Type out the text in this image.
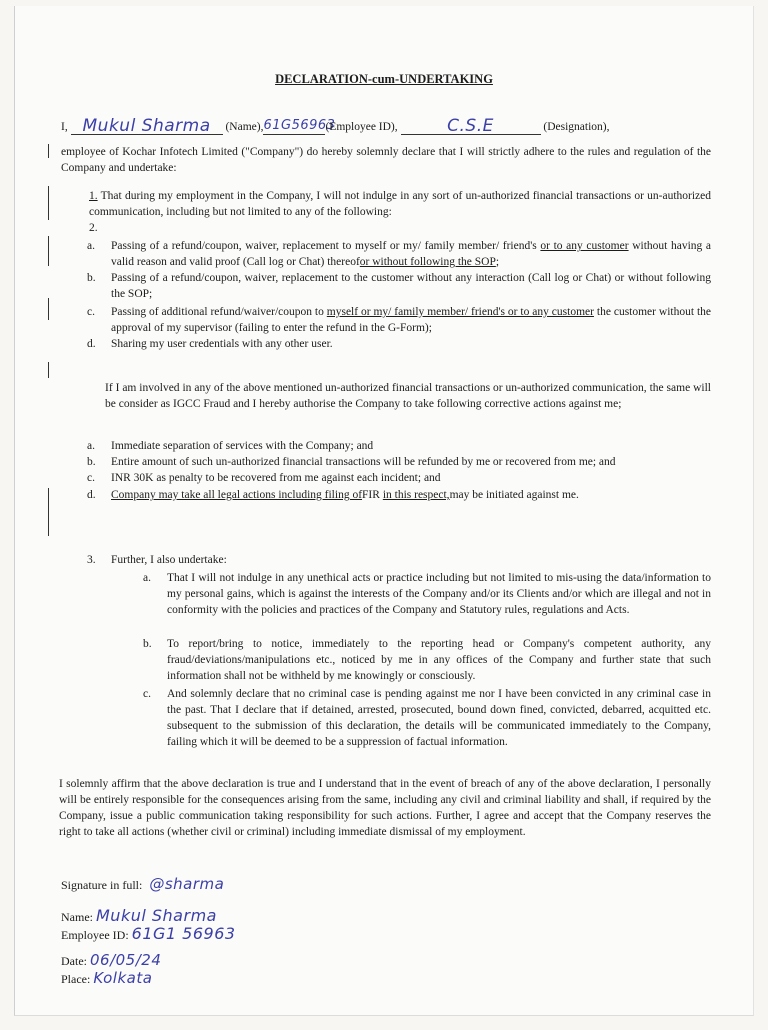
DECLARATION-cum-UNDERTAKING
I, Mukul Sharma (Name),61G56963(Employee ID),	C.S.E	(Designation),
employee of Kochar Infotech Limited ("Company") do hereby solemnly declare that I will strictly adhere to the rules and regulation of the Company and undertake:
1. That during my employment in the Company, I will not indulge in any sort of un-authorized financial transactions or un-authorized communication, including but not limited to any of the following:
2.
a.	Passing of a refund/coupon, waiver, replacement to myself or my/ family member/ friend's or to any customer without having a valid reason and valid proof (Call log or Chat) thereofor without following the SOP;
b.	Passing of a refund/coupon, waiver, replacement to the customer without any interaction (Call log or Chat) or without following the SOP;
c.	Passing of additional refund/waiver/coupon to myself or my/ family member/ friend's or to any customer the customer without the approval of my supervisor (failing to enter the refund in the G-Form);
d.	Sharing my user credentials with any other user.
If I am involved in any of the above mentioned un-authorized financial transactions or un-authorized communication, the same will be consider as IGCC Fraud and I hereby authorise the Company to take following corrective actions against me;
a. Immediate separation of services with the Company; and
b. Entire amount of such un-authorized financial transactions will be refunded by me or recovered from me; and
c. INR 30K as penalty to be recovered from me against each incident; and
d. Company may take all legal actions including filing ofFIR in this respect,may be initiated against me.
3. Further, I also undertake:
a.	That I will not indulge in any unethical acts or practice including but not limited to mis-using the data/information to my personal gains, which is against the interests of the Company and/or its Clients and/or which are illegal and not in conformity with the policies and practices of the Company and Statutory rules, regulations and Acts.
b.	To report/bring to notice, immediately to the reporting head or Company's competent authority, any fraud/deviations/manipulations etc., noticed by me in any offices of the Company and further state that such information shall not be withheld by me knowingly or consciously.
c.	And solemnly declare that no criminal case is pending against me nor I have been convicted in any criminal case in the past. That I declare that if detained, arrested, prosecuted, bound down fined, convicted, debarred, acquitted etc. subsequent to the submission of this declaration, the details will be communicated immediately to the Company, failing which it will be deemed to be a suppression of factual information.
I solemnly affirm that the above declaration is true and I understand that in the event of breach of any of the above declaration, I personally will be entirely responsible for the consequences arising from the same, including any civil and criminal liability and shall, if required by the Company, issue a public communication taking responsibility for such actions. Further, I agree and accept that the Company reserves the right to take all actions (whether civil or criminal) including immediate dismissal of my employment.
Signature in full: @sharma
Name: Mukul Sharma
Employee ID: 61G1 56963
Date: 06/05/24
Place: Kolkata
